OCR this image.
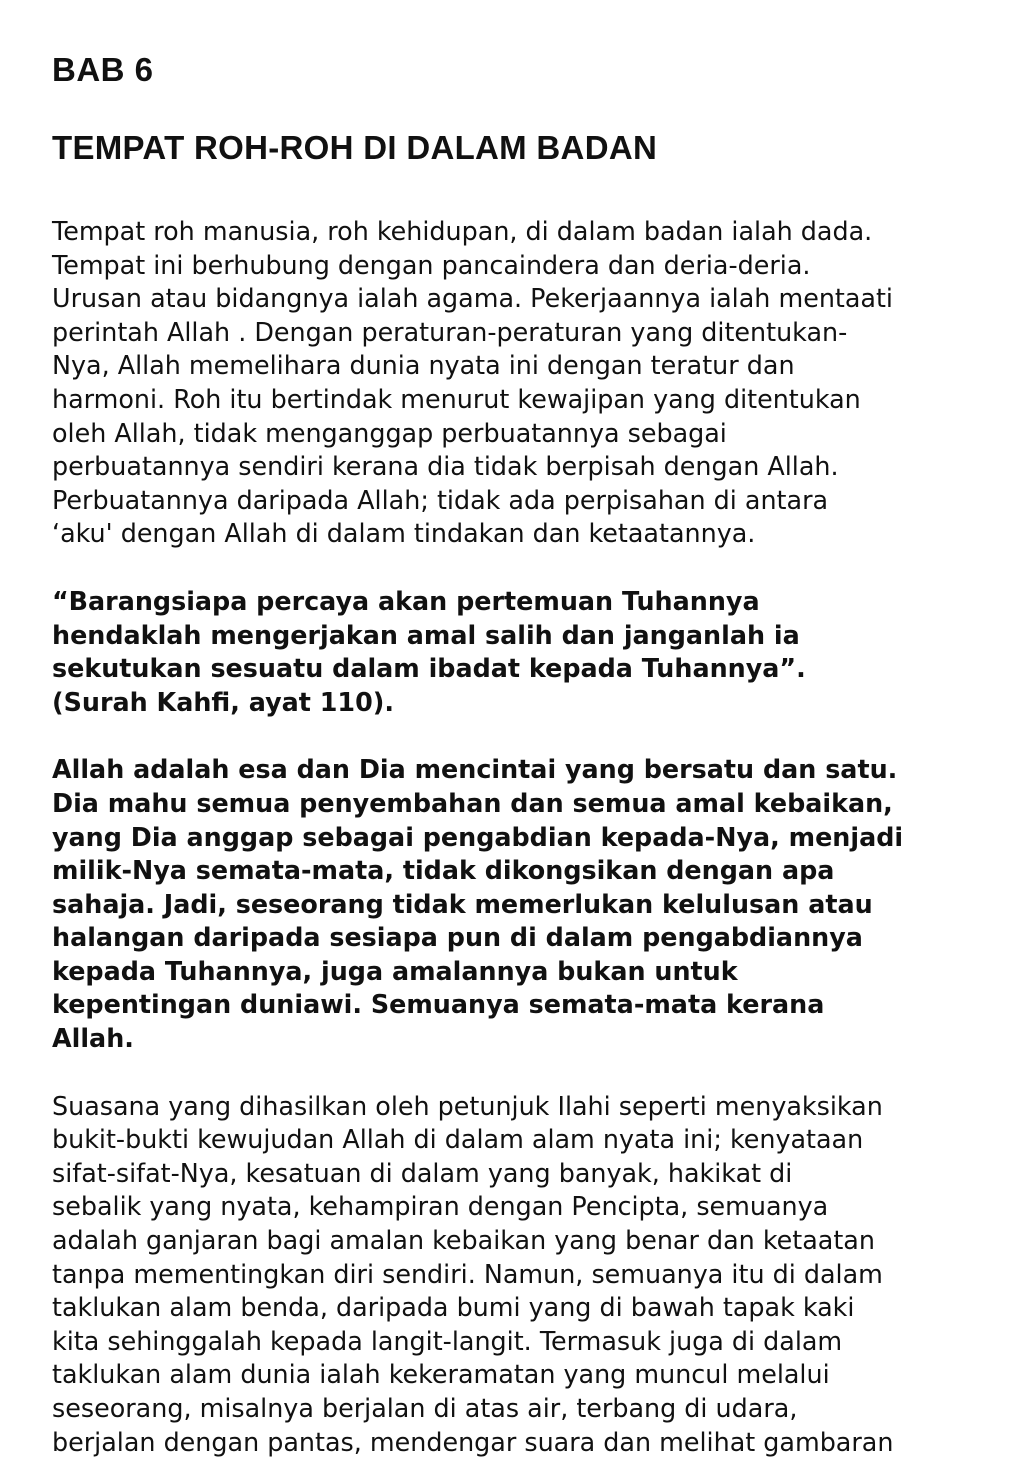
BAB 6
TEMPAT ROH-ROH DI DALAM BADAN

Tempat roh manusia, roh kehidupan, di dalam badan ialah dada.
Tempat ini berhubung dengan pancaindera dan deria-deria.
Urusan atau bidangnya ialah agama. Pekerjaannya ialah mentaati
perintah Allah . Dengan peraturan-peraturan yang ditentukan-
Nya, Allah memelihara dunia nyata ini dengan teratur dan
harmoni. Roh itu bertindak menurut kewajipan yang ditentukan
oleh Allah, tidak menganggap perbuatannya sebagai
perbuatannya sendiri kerana dia tidak berpisah dengan Allah.
Perbuatannya daripada Allah; tidak ada perpisahan di antara
‘aku' dengan Allah di dalam tindakan dan ketaatannya.

“Barangsiapa percaya akan pertemuan Tuhannya
hendaklah mengerjakan amal salih dan janganlah ia
sekutukan sesuatu dalam ibadat kepada Tuhannya”.
(Surah Kahfi, ayat 110).

Allah adalah esa dan Dia mencintai yang bersatu dan satu.
Dia mahu semua penyembahan dan semua amal kebaikan,
yang Dia anggap sebagai pengabdian kepada-Nya, menjadi
milik-Nya semata-mata, tidak dikongsikan dengan apa
sahaja. Jadi, seseorang tidak memerlukan kelulusan atau
halangan daripada sesiapa pun di dalam pengabdiannya
kepada Tuhannya, juga amalannya bukan untuk
kepentingan duniawi. Semuanya semata-mata kerana
Allah.

Suasana yang dihasilkan oleh petunjuk Ilahi seperti menyaksikan
bukit-bukti kewujudan Allah di dalam alam nyata ini; kenyataan
sifat-sifat-Nya, kesatuan di dalam yang banyak, hakikat di
sebalik yang nyata, kehampiran dengan Pencipta, semuanya
adalah ganjaran bagi amalan kebaikan yang benar dan ketaatan
tanpa mementingkan diri sendiri. Namun, semuanya itu di dalam
taklukan alam benda, daripada bumi yang di bawah tapak kaki
kita sehinggalah kepada langit-langit. Termasuk juga di dalam
taklukan alam dunia ialah kekeramatan yang muncul melalui
seseorang, misalnya berjalan di atas air, terbang di udara,
berjalan dengan pantas, mendengar suara dan melihat gambaran
